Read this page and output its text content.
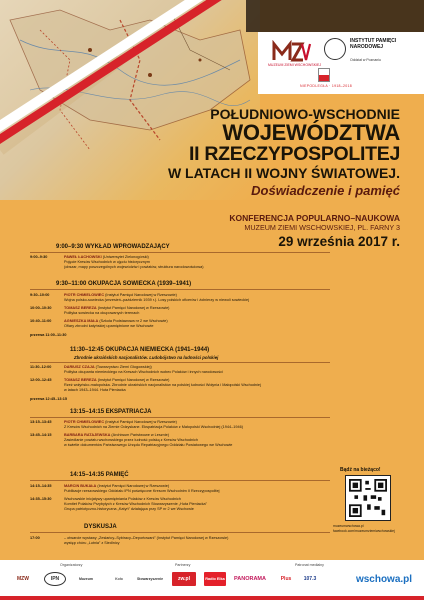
MUZEUM ZIEMI WSCHOWSKIEJ
INSTYTUT PAMIĘCI NARODOWEJ
Oddział w Poznaniu
NIEPODLEGŁA · 1918–2018
POŁUDNIOWO-WSCHODNIE
WOJEWÓDZTWA
II RZECZYPOSPOLITEJ
W LATACH II WOJNY ŚWIATOWEJ.
Doświadczenie i pamięć
KONFERENCJA POPULARNO–NAUKOWA
MUZEUM ZIEMI WSCHOWSKIEJ, PL. FARNY 3
29 września 2017 r.
9:00–9:30 WYKŁAD WPROWADZAJĄCY
9:00–9:30	PAWEŁ ŁACHOWSKI (Uniwersytet Zielonogórski)
Pojęcie Kresów Wschodnich w ujęciu historycznym
(obszar, mapy poszczególnych województw i powiatów, struktura narodowościowa)
9:30–11:00 OKUPACJA SOWIECKA (1939–1941)
9:30–10:00	PIOTR CHMIELOWIEC (Instytut Pamięci Narodowej w Rzeszowie)
Wojna polsko-sowiecka (wrzesień–październik 1939 r.). Losy polskich oficerów i żołnierzy w niewoli sowieckiej
10:00–10:30	TOMASZ BEREZA (Instytut Pamięci Narodowej w Rzeszowie)
Polityka sowiecka na okupowanych terenach
10:40–11:00	AGNIESZKA MAŁA (Szkoła Podstawowa nr 2 we Wschowie)
Ofiary zbrodni katyńskiej upamiętnione we Wschowie
przerwa 11:00–11:30
11:30–12:45 OKUPACJA NIEMIECKA (1941–1944)
Zbrodnie ukraińskich nacjonalistów. Ludobójstwo na ludności polskiej
11:30–12:00	DARIUSZ CZAJA (Towarzystwo Ziemi Głogowskiej)
Polityka okupanta niemieckiego na Kresach Wschodnich wobec Polaków i innych narodowości
12:00–12:45	TOMASZ BEREZA (Instytut Pamięci Narodowej w Rzeszowie)
Rzeź wołyńsko-małopolska. Zbrodnie ukraińskich nacjonalistów na polskiej ludności Wołynia i Małopolski Wschodniej
w latach 1943–1944. Huta Pieniacka
przerwa 12:45–13:15
13:15–14:15 EKSPATRIACJA
13:15–13:45	PIOTR CHMIELOWIEC (Instytut Pamięci Narodowej w Rzeszowie)
Z Kresów Wschodnich na Ziemie Odzyskane. Ekspatriacja Polaków z Małopolski Wschodniej (1944–1946)
13:45–14:15	BARBARA RATAJEWSKA (Archiwum Państwowe w Lesznie)
Zasiedlanie powiatu wschowskiego przez ludność polską z Kresów Wschodnich
w świetle dokumentów Państwowego Urzędu Repatriacyjnego Oddziału Powiatowego we Wschowie
14:15–14:35 PAMIĘĆ
14:15–14:35	MARCIN BUKAŁA (Instytut Pamięci Narodowej w Rzeszowie)
Publikacje rzeszowskiego Oddziału IPN poświęcone Kresom Wschodnim II Rzeczypospolitej
14:35–15:30	Wschowskie inicjatywy upamiętniania Polaków z Kresów Wschodnich
Komitet Polaków Przybyłych z Kresów Wschodnich Stowarzyszenie „Huta Pieniacka”
Grupa patriotyczno-historyczna „Katyń” działająca przy SP nr 2 we Wschowie
DYSKUSJA
17:00	– otwarcie wystawy „Zesłańcy–Sybiracy–Deportowani” (Instytut Pamięci Narodowej w Rzeszowie)
występ chóru „Lutnia” z Siedlnicy
Bądź na bieżąco!
muzeumwschowa.pl
facebook.com/muzeumziemiwschowskiej
Organizatorzy	Partnerzy	Patronat medialny
MZW	IPN	Muzeum	Koło	Stowarzyszenie	zw.pl	Radio Elka	PANORAMA	Plus	107.3	wschowa.pl
